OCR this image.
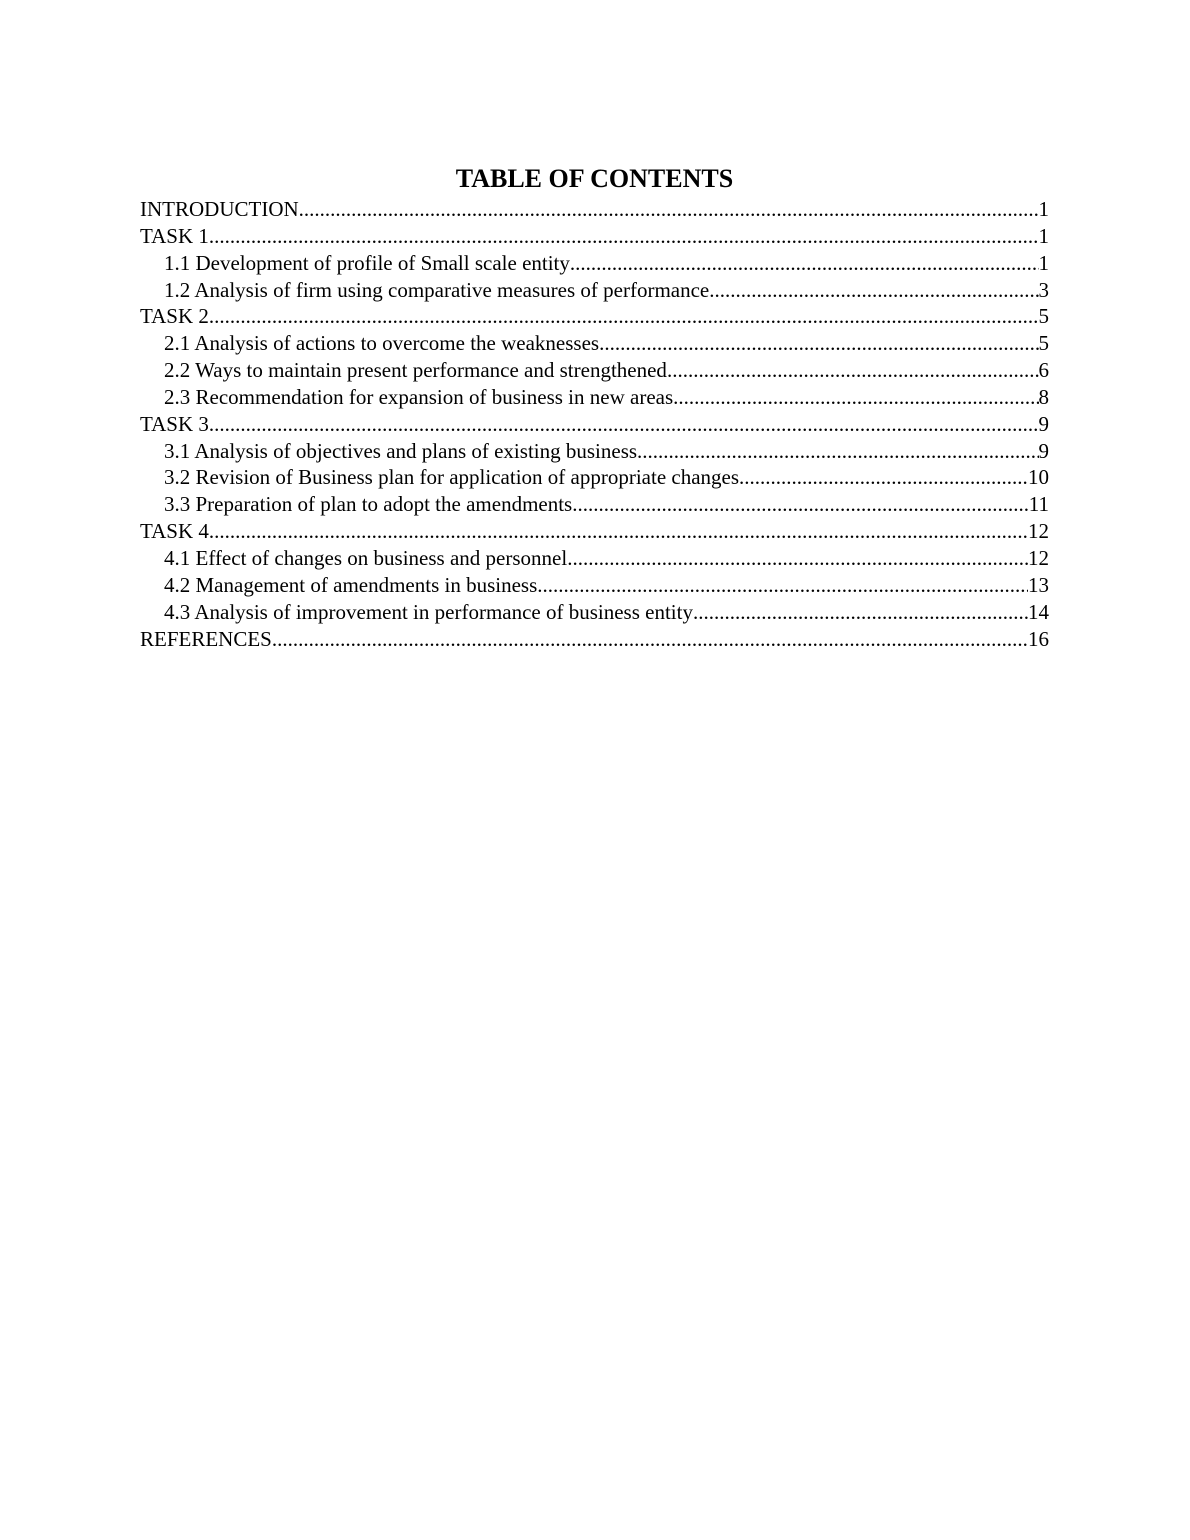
TABLE OF CONTENTS
INTRODUCTION .....	1
TASK 1 .....	1
1.1 Development of profile of Small scale entity .....	1
1.2 Analysis of firm using comparative measures of performance .....	3
TASK 2 .....	5
2.1 Analysis of actions to overcome the weaknesses .....	5
2.2 Ways to maintain present performance and strengthened .....	6
2.3 Recommendation for expansion of business in new areas .....	8
TASK 3 .....	9
3.1 Analysis of objectives and plans of existing business .....	9
3.2 Revision of Business plan for application of appropriate changes .....	10
3.3 Preparation of plan to adopt the amendments .....	11
TASK 4 .....	12
4.1 Effect of changes on business and personnel .....	12
4.2 Management of amendments in business .....	13
4.3 Analysis of improvement in performance of business entity .....	14
REFERENCES .....	16
